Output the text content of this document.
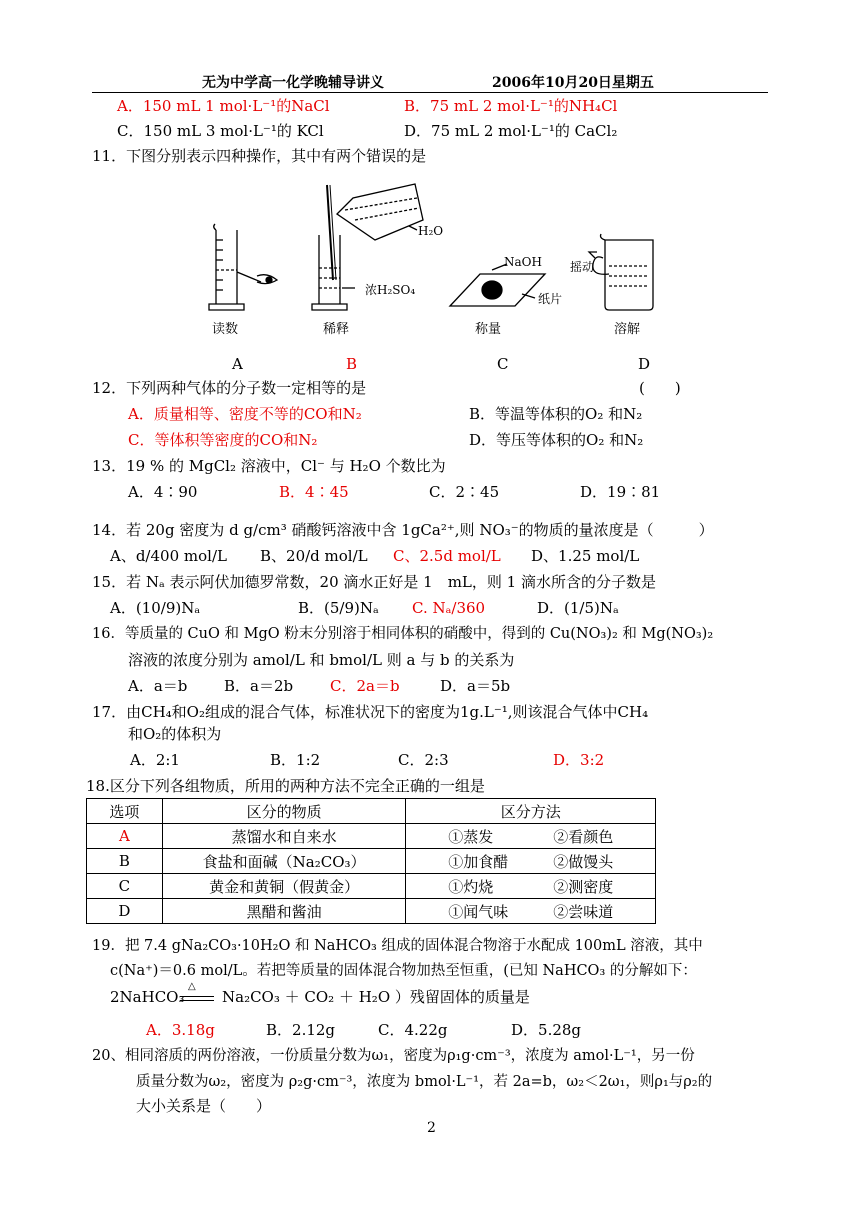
无为中学高一化学晚辅导讲义	2006年10月20日星期五
A．150 mL 1 mol·L⁻¹的NaCl	B．75 mL 2 mol·L⁻¹的NH₄Cl
C．150 mL 3 mol·L⁻¹的 KCl	D．75 mL 2 mol·L⁻¹的 CaCl₂
11．下图分别表示四种操作，其中有两个错误的是
H₂O
浓H₂SO₄
NaOH
纸片
摇动
读数	稀释	称量	溶解
A	B	C	D
12．下列两种气体的分子数一定相等的是	(　　)
A．质量相等、密度不等的CO和N₂	B．等温等体积的O₂ 和N₂
C．等体积等密度的CO和N₂	D．等压等体积的O₂ 和N₂
13．19 % 的 MgCl₂ 溶液中，Cl⁻ 与 H₂O 个数比为
A．4∶90	B．4∶45	C．2∶45	D．19∶81
14．若 20g 密度为 d g/cm³ 硝酸钙溶液中含 1gCa²⁺,则 NO₃⁻的物质的量浓度是（　　　）
A、d/400 mol/L B、20/d mol/L C、2.5d mol/L D、1.25 mol/L
15．若 Nₐ 表示阿伏加德罗常数，20 滴水正好是 1　mL，则 1 滴水所含的分子数是
A．(10/9)Nₐ	B．(5/9)Nₐ C. Nₐ/360	D．(1/5)Nₐ
16．等质量的 CuO 和 MgO 粉末分别溶于相同体积的硝酸中，得到的 Cu(NO₃)₂ 和 Mg(NO₃)₂
溶液的浓度分别为 amol/L 和 bmol/L 则 a 与 b 的关系为
A．a＝b B．a＝2b C．2a＝b	D．a＝5b
17．由CH₄和O₂组成的混合气体，标准状况下的密度为1g.L⁻¹,则该混合气体中CH₄
和O₂的体积为
A．2:1	B．1:2	C．2:3	D．3:2
18.区分下列各组物质，所用的两种方法不完全正确的一组是
选项	区分的物质	区分方法
A	蒸馏水和自来水	①蒸发 ②看颜色
B	食盐和面碱（Na₂CO₃）	①加食醋 ②做馒头
C	黄金和黄铜（假黄金）	①灼烧 ②测密度
D	黑醋和酱油	①闻气味 ②尝味道
19．把 7.4 gNa₂CO₃·10H₂O 和 NaHCO₃ 组成的固体混合物溶于水配成 100mL 溶液，其中
c(Na⁺)＝0.6 mol/L。若把等质量的固体混合物加热至恒重，(已知 NaHCO₃ 的分解如下：
2NaHCO₃
△
Na₂CO₃ ＋ CO₂ ＋ H₂O ）残留固体的质量是
A．3.18g	B．2.12g	C．4.22g	D．5.28g
20、相同溶质的两份溶液，一份质量分数为ω₁，密度为ρ₁g·cm⁻³，浓度为 amol·L⁻¹，另一份
质量分数为ω₂，密度为 ρ₂g·cm⁻³，浓度为 bmol·L⁻¹，若 2a=b，ω₂＜2ω₁，则ρ₁与ρ₂的
大小关系是（　　）
2
